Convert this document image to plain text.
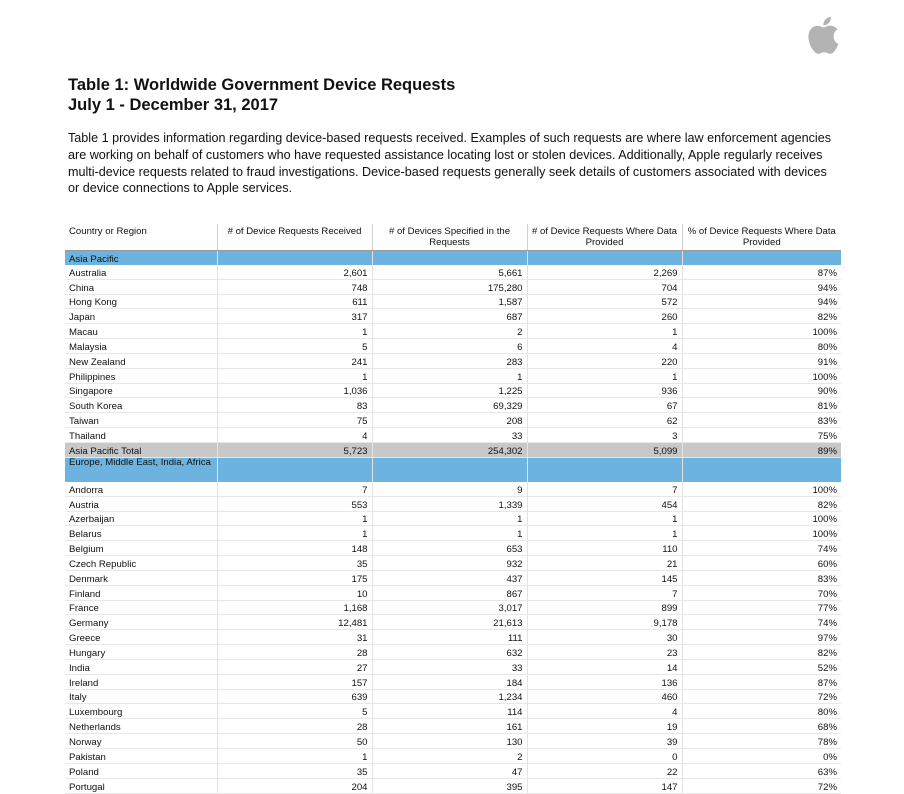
Table 1: Worldwide Government Device Requests
July 1 - December 31, 2017

Table 1 provides information regarding device-based requests received. Examples of such requests are where law enforcement agencies are working on behalf of customers who have requested assistance locating lost or stolen devices. Additionally, Apple regularly receives multi-device requests related to fraud investigations. Device-based requests generally seek details of customers associated with devices or device connections to Apple services.

Country or Region	# of Device Requests Received	# of Devices Specified in the Requests	# of Device Requests Where Data Provided	% of Device Requests Where Data Provided
Asia Pacific				
Australia	2,601	5,661	2,269	87%
China	748	175,280	704	94%
Hong Kong	611	1,587	572	94%
Japan	317	687	260	82%
Macau	1	2	1	100%
Malaysia	5	6	4	80%
New Zealand	241	283	220	91%
Philippines	1	1	1	100%
Singapore	1,036	1,225	936	90%
South Korea	83	69,329	67	81%
Taiwan	75	208	62	83%
Thailand	4	33	3	75%
Asia Pacific Total	5,723	254,302	5,099	89%
Europe, Middle East, India, Africa				
Andorra	7	9	7	100%
Austria	553	1,339	454	82%
Azerbaijan	1	1	1	100%
Belarus	1	1	1	100%
Belgium	148	653	110	74%
Czech Republic	35	932	21	60%
Denmark	175	437	145	83%
Finland	10	867	7	70%
France	1,168	3,017	899	77%
Germany	12,481	21,613	9,178	74%
Greece	31	111	30	97%
Hungary	28	632	23	82%
India	27	33	14	52%
Ireland	157	184	136	87%
Italy	639	1,234	460	72%
Luxembourg	5	114	4	80%
Netherlands	28	161	19	68%
Norway	50	130	39	78%
Pakistan	1	2	0	0%
Poland	35	47	22	63%
Portugal	204	395	147	72%
